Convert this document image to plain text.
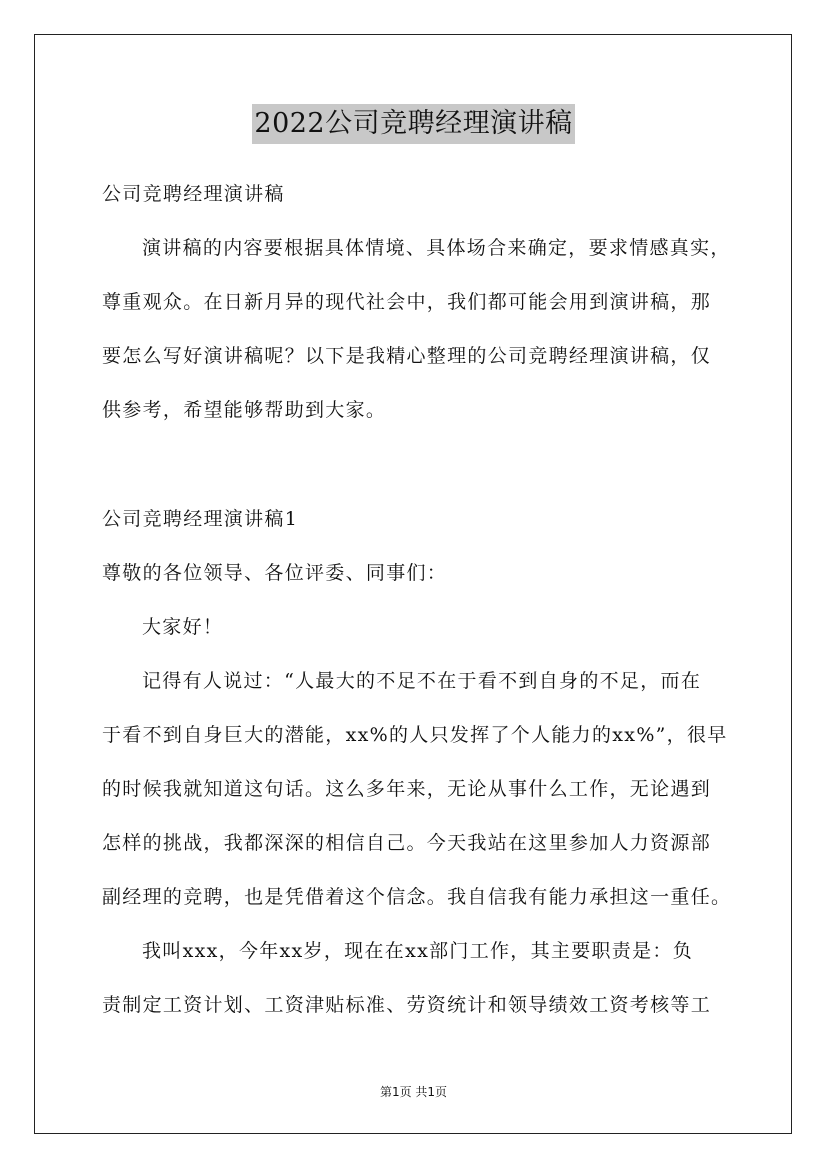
2022公司竞聘经理演讲稿
公司竞聘经理演讲稿
演讲稿的内容要根据具体情境、具体场合来确定，要求情感真实，
尊重观众。在日新月异的现代社会中，我们都可能会用到演讲稿，那
要怎么写好演讲稿呢？以下是我精心整理的公司竞聘经理演讲稿，仅
供参考，希望能够帮助到大家。
公司竞聘经理演讲稿1
尊敬的各位领导、各位评委、同事们：
大家好！
记得有人说过：“人最大的不足不在于看不到自身的不足，而在
于看不到自身巨大的潜能，xx%的人只发挥了个人能力的xx%”，很早
的时候我就知道这句话。这么多年来，无论从事什么工作，无论遇到
怎样的挑战，我都深深的相信自己。今天我站在这里参加人力资源部
副经理的竞聘，也是凭借着这个信念。我自信我有能力承担这一重任。
我叫xxx，今年xx岁，现在在xx部门工作，其主要职责是：负
责制定工资计划、工资津贴标准、劳资统计和领导绩效工资考核等工
第1页 共1页
